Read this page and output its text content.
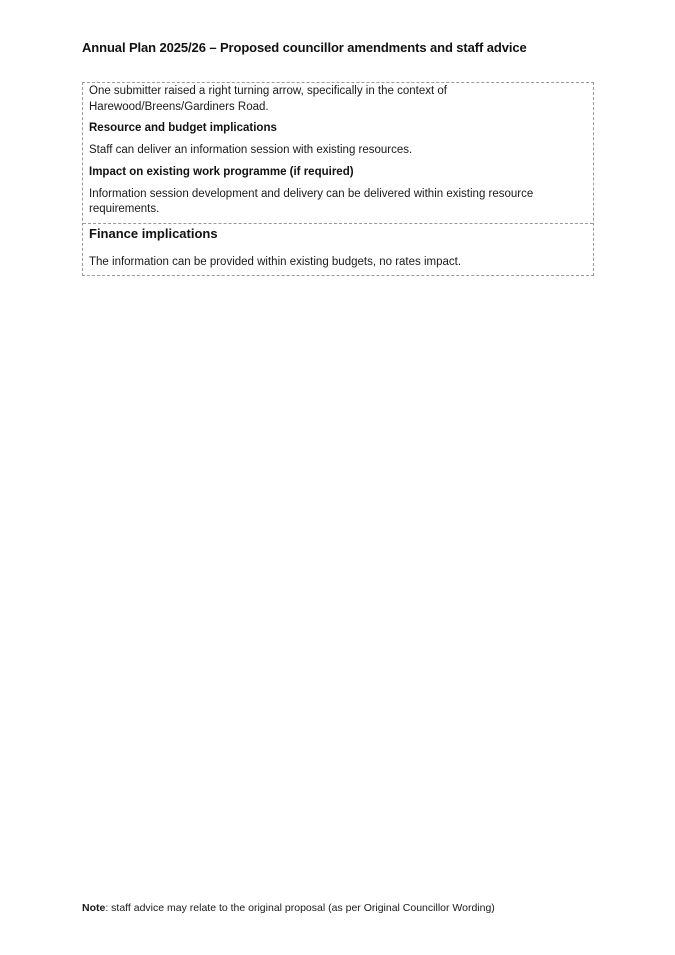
Annual Plan 2025/26 – Proposed councillor amendments and staff advice

One submitter raised a right turning arrow, specifically in the context of
Harewood/Breens/Gardiners Road.

Resource and budget implications

Staff can deliver an information session with existing resources.

Impact on existing work programme (if required)

Information session development and delivery can be delivered within existing resource
requirements.

Finance implications

The information can be provided within existing budgets, no rates impact.

Note: staff advice may relate to the original proposal (as per Original Councillor Wording)
